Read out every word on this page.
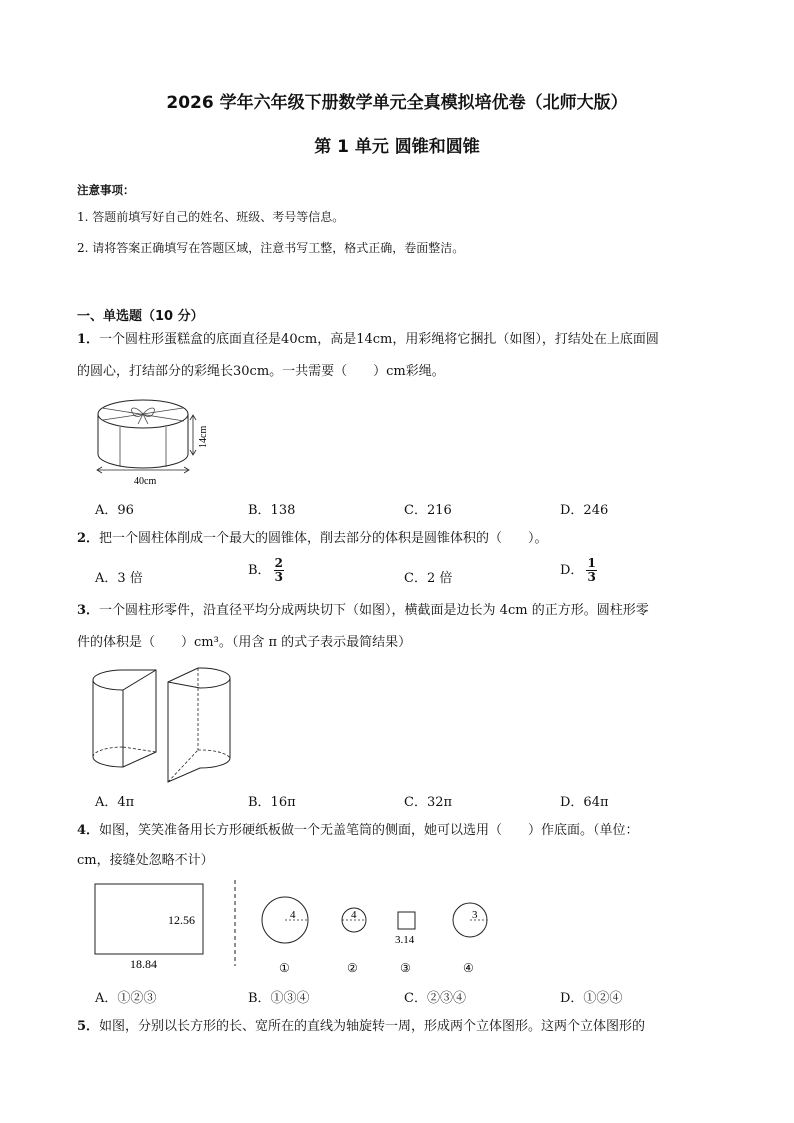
2026 学年六年级下册数学单元全真模拟培优卷（北师大版）
第 1 单元 圆锥和圆锥
注意事项：
1. 答题前填写好自己的姓名、班级、考号等信息。
2. 请将答案正确填写在答题区域，注意书写工整，格式正确，卷面整洁。
一、单选题（10 分）
1．一个圆柱形蛋糕盒的底面直径是40cm，高是14cm，用彩绳将它捆扎（如图），打结处在上底面圆
的圆心，打结部分的彩绳长30cm。一共需要（　　）cm彩绳。
14cm
40cm
A．96	B．138	C．216	D．246
2．把一个圆柱体削成一个最大的圆锥体，削去部分的体积是圆锥体积的（　　）。
A．3 倍
B． $\frac{2}{3}$	C．2 倍
D． $\frac{1}{3}$
3．一个圆柱形零件，沿直径平均分成两块切下（如图），横截面是边长为 4cm 的正方形。圆柱形零
件的体积是（　　）cm³。（用含 π 的式子表示最简结果）
A．4π	B．16π	C．32π	D．64π
4．如图，笑笑准备用长方形硬纸板做一个无盖笔筒的侧面，她可以选用（　　）作底面。（单位：
cm，接缝处忽略不计）
12.56
18.84
4	4
3.14
3
①	②	③	④
A．①②③	B．①③④	C．②③④	D．①②④
5．如图，分别以长方形的长、宽所在的直线为轴旋转一周，形成两个立体图形。这两个立体图形的
